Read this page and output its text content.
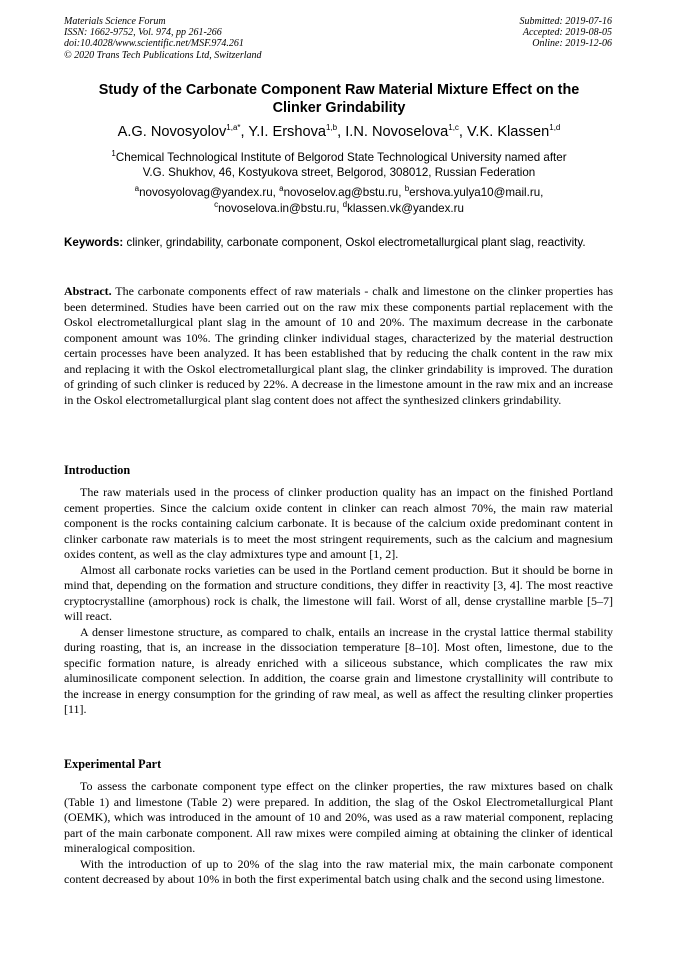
Materials Science Forum
ISSN: 1662-9752, Vol. 974, pp 261-266
doi:10.4028/www.scientific.net/MSF.974.261
© 2020 Trans Tech Publications Ltd, Switzerland
Submitted: 2019-07-16
Accepted: 2019-08-05
Online: 2019-12-06
Study of the Carbonate Component Raw Material Mixture Effect on the
Clinker Grindability
A.G. Novosyolov$^{1,a*}$, Y.I. Ershova$^{1,b}$, I.N. Novoselova$^{1,c}$, V.K. Klassen$^{1,d}$
$^1$Chemical Technological Institute of Belgorod State Technological University named after
V.G. Shukhov, 46, Kostyukova street, Belgorod, 308012, Russian Federation
$^a$novosyolovag@yandex.ru, $^a$novoselov.ag@bstu.ru, $^b$ershova.yulya10@mail.ru,
$^c$novoselova.in@bstu.ru, $^d$klassen.vk@yandex.ru
Keywords: clinker, grindability, carbonate component, Oskol electrometallurgical plant slag, reactivity.

Abstract. The carbonate components effect of raw materials - chalk and limestone on the clinker properties has been determined. Studies have been carried out on the raw mix these components partial replacement with the Oskol electrometallurgical plant slag in the amount of 10 and 20%. The maximum decrease in the carbonate component amount was 10%. The grinding clinker individual stages, characterized by the material destruction certain processes have been analyzed. It has been established that by reducing the chalk content in the raw mix and replacing it with the Oskol electrometallurgical plant slag, the clinker grindability is improved. The duration of grinding of such clinker is reduced by 22%. A decrease in the limestone amount in the raw mix and an increase in the Oskol electrometallurgical plant slag content does not affect the synthesized clinkers grindability.

Introduction

The raw materials used in the process of clinker production quality has an impact on the finished Portland cement properties. Since the calcium oxide content in clinker can reach almost 70%, the main raw material component is the rocks containing calcium carbonate. It is because of the calcium oxide predominant content in clinker carbonate raw materials is to meet the most stringent requirements, such as the calcium and magnesium oxides content, as well as the clay admixtures type and amount [1, 2].

Almost all carbonate rocks varieties can be used in the Portland cement production. But it should be borne in mind that, depending on the formation and structure conditions, they differ in reactivity [3, 4]. The most reactive cryptocrystalline (amorphous) rock is chalk, the limestone will fail. Worst of all, dense crystalline marble [5–7] will react.

A denser limestone structure, as compared to chalk, entails an increase in the crystal lattice thermal stability during roasting, that is, an increase in the dissociation temperature [8–10]. Most often, limestone, due to the specific formation nature, is already enriched with a siliceous substance, which complicates the raw mix aluminosilicate component selection. In addition, the coarse grain and limestone crystallinity will contribute to the increase in energy consumption for the grinding of raw meal, as well as affect the resulting clinker properties [11].

Experimental Part

To assess the carbonate component type effect on the clinker properties, the raw mixtures based on chalk (Table 1) and limestone (Table 2) were prepared. In addition, the slag of the Oskol Electrometallurgical Plant (OEMK), which was introduced in the amount of 10 and 20%, was used as a raw material component, replacing part of the main carbonate component. All raw mixes were compiled aiming at obtaining the clinker of identical mineralogical composition.

With the introduction of up to 20% of the slag into the raw material mix, the main carbonate component content decreased by about 10% in both the first experimental batch using chalk and the second using limestone.
